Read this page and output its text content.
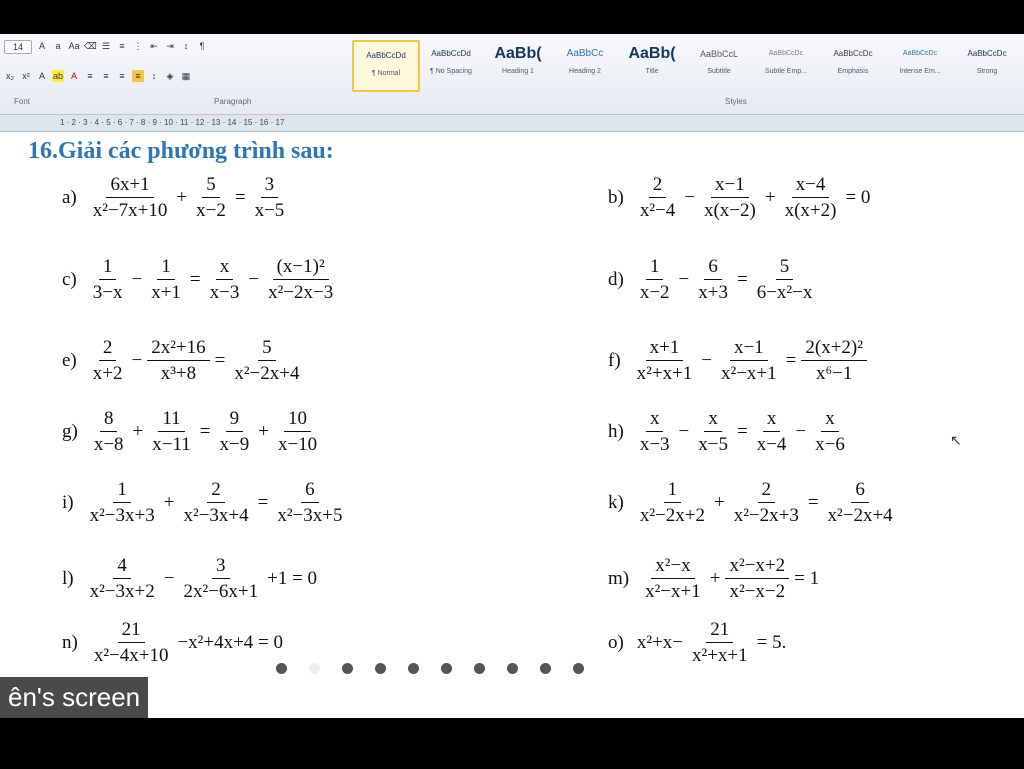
14	A	a Aa ⌫ ☰	≡ ⋮ ⇤ ⇥	↕	¶
x₂ x²	A ab A	≡	≡	≡	≡	↕	◈ ▦
Font	Paragraph	Styles
AaBbCcDd
¶ Normal
AaBbCcDd
¶ No Spacing
AaBb(
Heading 1
AaBbCc
Heading 2
AaBb(
Title
AaBbCcL
Subtitle
AaBbCcDc
Subtle Emp...
AaBbCcDc
Emphasis
AaBbCcDc
Intense Em...
AaBbCcDc
Strong
1 · 2 · 3 · 4 · 5 · 6 · 7 · 8 · 9 · 10 · 11 · 12 · 13 · 14 · 15 · 16 · 17
16.Giải các phương trình sau:
$a) \frac{6x+1}{\text{x²−7x+10}} + \frac{5}{x-2} = \frac{3}{x-5}$	$b) \frac{2}{\text{x²−4}} - \frac{x-1}{x(x-2)} + \frac{x-4}{x(x+2)} = 0$
$c) \frac{1}{3-x} - \frac{1}{x+1} = \frac{x}{x-3} - \frac{\text{(x−1)²}}{\text{x²−2x−3}}$	$d) \frac{1}{x-2} - \frac{6}{x+3} = \frac{5}{\text{6−x²−x}}$
$e) \frac{2}{x+2} - \frac{\text{2x²+16}}{\text{x³+8}} = \frac{5}{\text{x²−2x+4}}$	$f) \frac{x+1}{\text{x²+x+1}} - \frac{x-1}{\text{x²−x+1}} = \frac{\text{2(x+2)²}}{\text{x⁶−1}}$
$g) \frac{8}{x-8} + \frac{11}{x-11} = \frac{9}{x-9} + \frac{10}{x-10}$	$h) \frac{x}{x-3} - \frac{x}{x-5} = \frac{x}{x-4} - \frac{x}{x-6}$
$i) \frac{1}{\text{x²−3x+3}} + \frac{2}{\text{x²−3x+4}} = \frac{6}{\text{x²−3x+5}}$	$k) \frac{1}{\text{x²−2x+2}} + \frac{2}{\text{x²−2x+3}} = \frac{6}{\text{x²−2x+4}}$
$l) \frac{4}{\text{x²−3x+2}} - \frac{3}{\text{2x²−6x+1}} +1 = 0$	$m) \frac{\text{x²−x}}{\text{x²−x+1}} + \frac{\text{x²−x+2}}{\text{x²−x−2}} = 1$
$n) \frac{21}{\text{x²−4x+10}} -x^2+4x+4 = 0$	o) $x^2+x- \frac{21}{\text{x²+x+1}} = 5$.
↖
ên's screen
